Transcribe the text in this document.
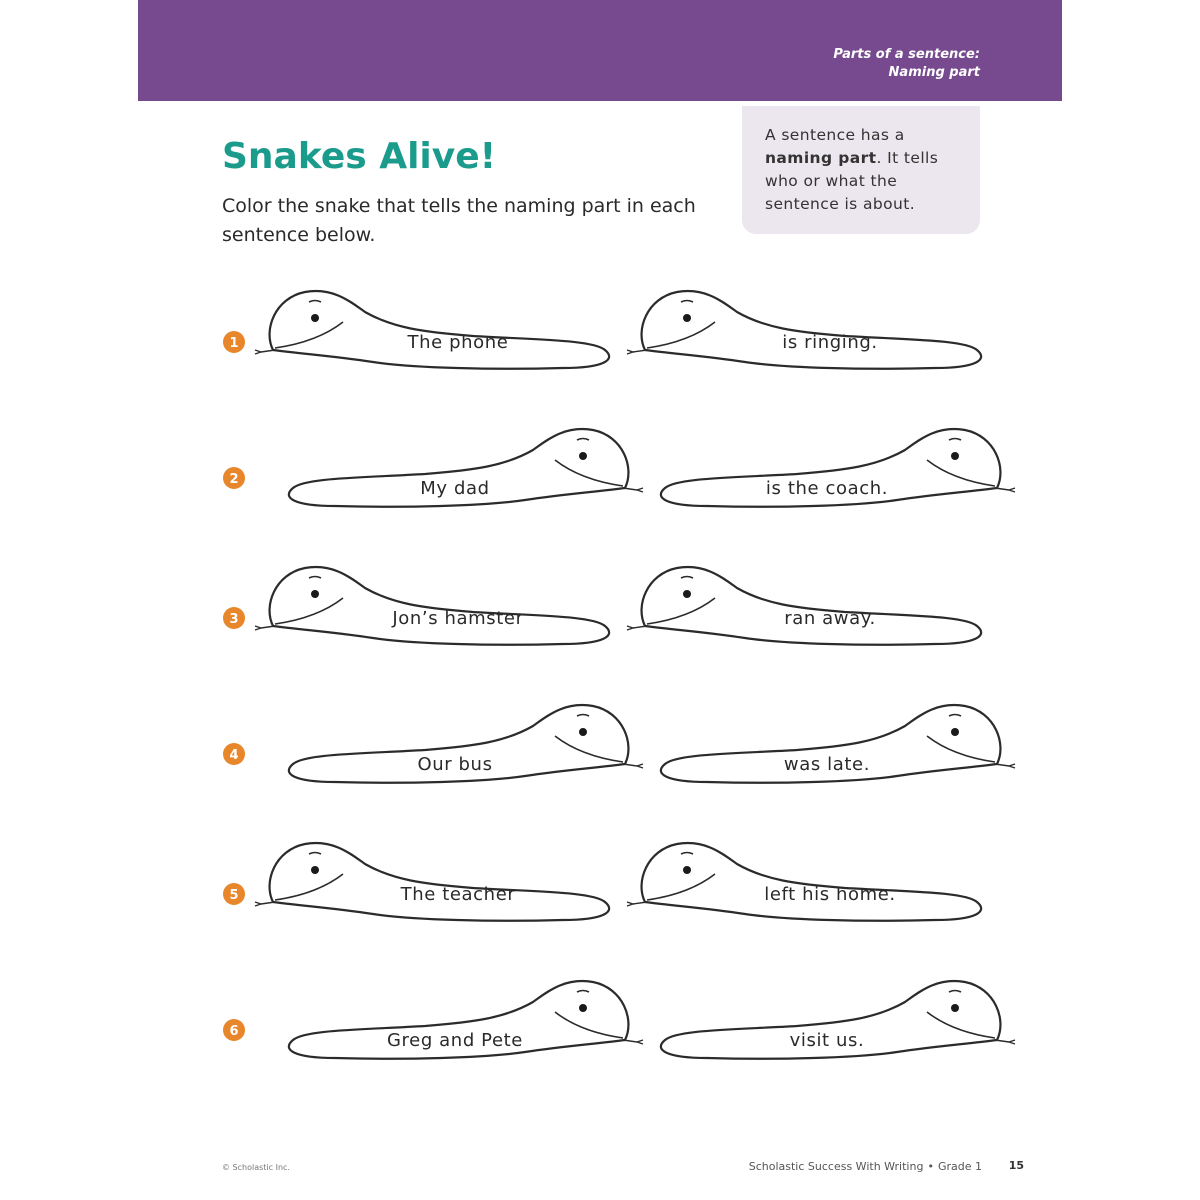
Parts of a sentence:
Naming part
Snakes Alive!

Color the snake that tells the naming part in each sentence below.

A sentence has a naming part. It tells who or what the sentence is about.
1	The phone	is ringing.
2	My dad	is the coach.
3	Jon’s hamster	ran away.
4	Our bus	was late.
5	The teacher	left his home.
6	Greg and Pete	visit us.
© Scholastic Inc.	Scholastic Success With Writing • Grade 1 15
